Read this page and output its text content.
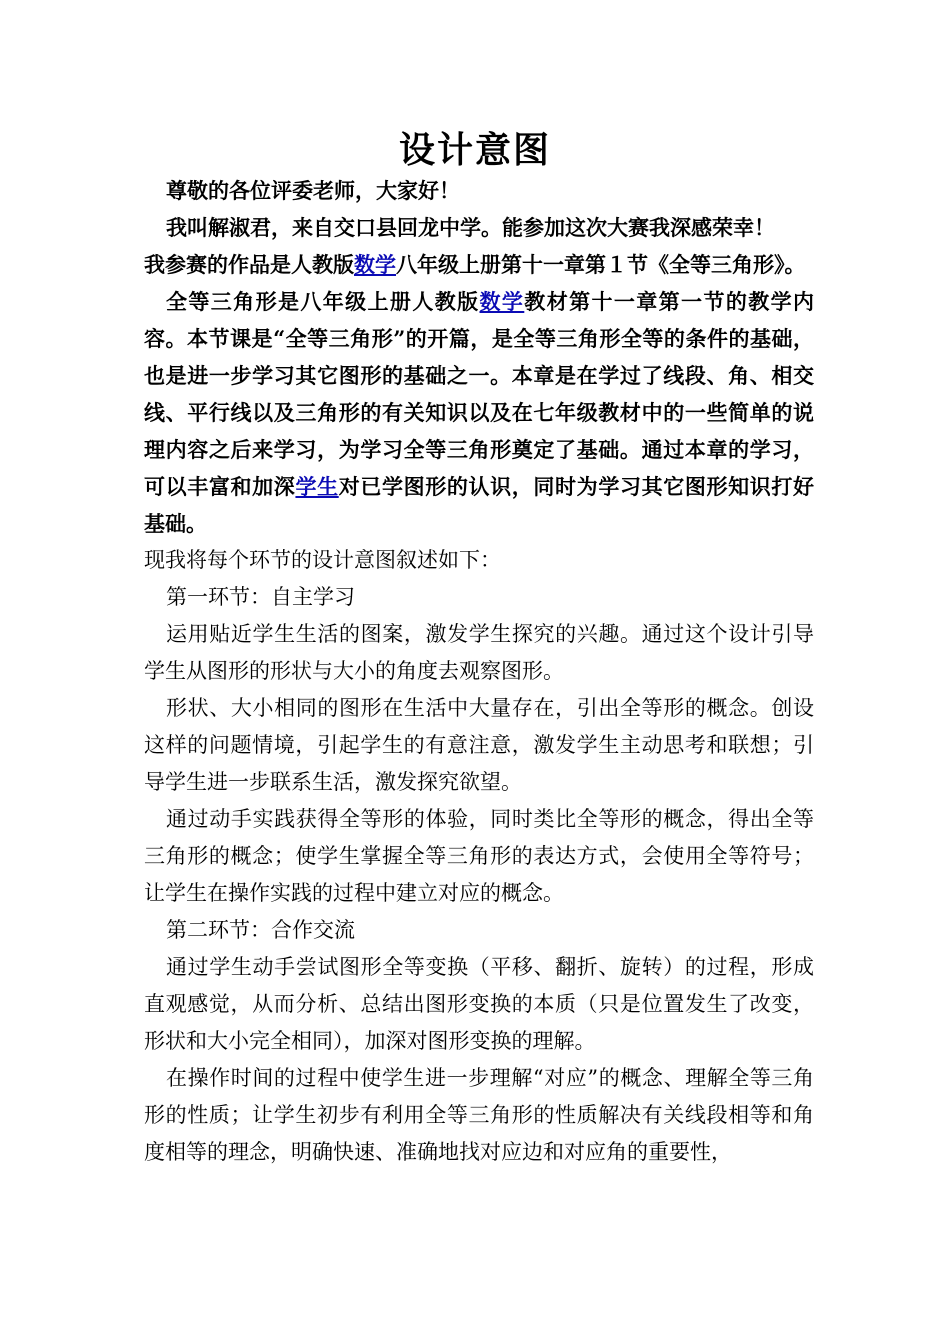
设计意图

尊敬的各位评委老师，大家好！

我叫解淑君，来自交口县回龙中学。能参加这次大赛我深感荣幸！

我参赛的作品是人教版数学八年级上册第十一章第１节《全等三角形》。

全等三角形是八年级上册人教版数学教材第十一章第一节的教学内容。本节课是“全等三角形”的开篇，是全等三角形全等的条件的基础，也是进一步学习其它图形的基础之一。本章是在学过了线段、角、相交线、平行线以及三角形的有关知识以及在七年级教材中的一些简单的说理内容之后来学习，为学习全等三角形奠定了基础。通过本章的学习，可以丰富和加深学生对已学图形的认识，同时为学习其它图形知识打好基础。

现我将每个环节的设计意图叙述如下：

第一环节：自主学习

运用贴近学生生活的图案，激发学生探究的兴趣。通过这个设计引导学生从图形的形状与大小的角度去观察图形。

形状、大小相同的图形在生活中大量存在，引出全等形的概念。创设这样的问题情境，引起学生的有意注意，激发学生主动思考和联想；引导学生进一步联系生活，激发探究欲望。

通过动手实践获得全等形的体验，同时类比全等形的概念，得出全等三角形的概念；使学生掌握全等三角形的表达方式，会使用全等符号；让学生在操作实践的过程中建立对应的概念。

第二环节：合作交流

通过学生动手尝试图形全等变换（平移、翻折、旋转）的过程，形成直观感觉，从而分析、总结出图形变换的本质（只是位置发生了改变，形状和大小完全相同），加深对图形变换的理解。

在操作时间的过程中使学生进一步理解“对应”的概念、理解全等三角形的性质；让学生初步有利用全等三角形的性质解决有关线段相等和角度相等的理念，明确快速、准确地找对应边和对应角的重要性，
